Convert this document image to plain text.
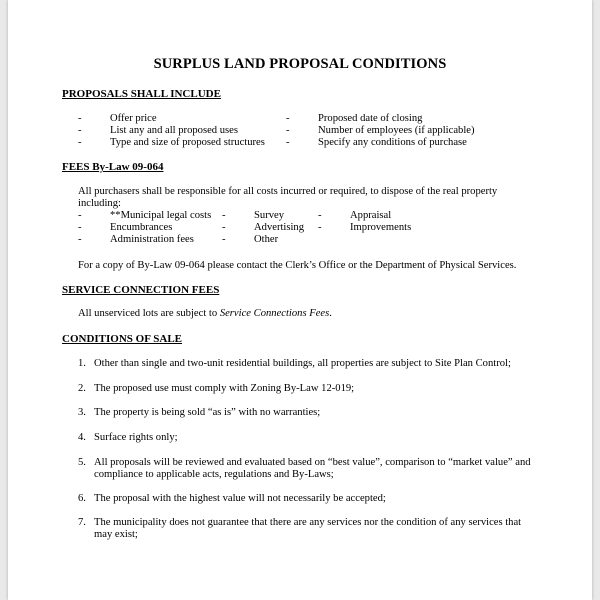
SURPLUS LAND PROPOSAL CONDITIONS
PROPOSALS SHALL INCLUDE
-	Offer price	-	Proposed date of closing
-	List any and all proposed uses	-	Number of employees (if applicable)
-	Type and size of proposed structures -	Specify any conditions of purchase
FEES By-Law 09-064
All purchasers shall be responsible for all costs incurred or required, to dispose of the real property
including:
-	**Municipal legal costs -	Survey	-	Appraisal
-	Encumbrances	-	Advertising -	Improvements
-	Administration fees	-	Other
For a copy of By-Law 09-064 please contact the Clerk’s Office or the Department of Physical Services.
SERVICE CONNECTION FEES
All unserviced lots are subject to Service Connections Fees.
CONDITIONS OF SALE
1. Other than single and two-unit residential buildings, all properties are subject to Site Plan Control;
2. The proposed use must comply with Zoning By-Law 12-019;
3. The property is being sold “as is” with no warranties;
4. Surface rights only;
5. All proposals will be reviewed and evaluated based on “best value”, comparison to “market value” and
compliance to applicable acts, regulations and By-Laws;
6. The proposal with the highest value will not necessarily be accepted;
7. The municipality does not guarantee that there are any services nor the condition of any services that
may exist;
